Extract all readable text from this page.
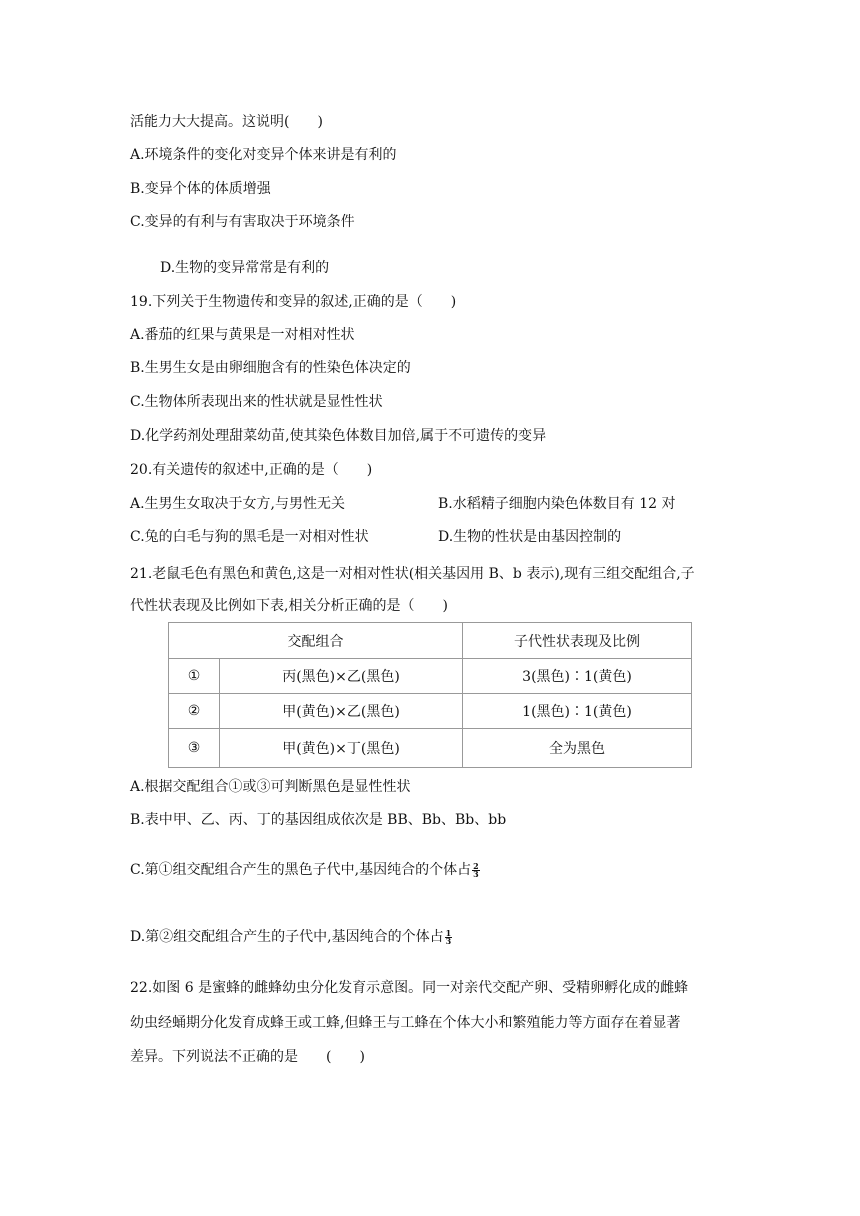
活能力大大提高。这说明(　　)
A.环境条件的变化对变异个体来讲是有利的
B.变异个体的体质增强
C.变异的有利与有害取决于环境条件
D.生物的变异常常是有利的
19.下列关于生物遗传和变异的叙述,正确的是（　　)
A.番茄的红果与黄果是一对相对性状
B.生男生女是由卵细胞含有的性染色体决定的
C.生物体所表现出来的性状就是显性性状
D.化学药剂处理甜菜幼苗,使其染色体数目加倍,属于不可遗传的变异
20.有关遗传的叙述中,正确的是（　　)
A.生男生女取决于女方,与男性无关	B.水稻精子细胞内染色体数目有 12 对
C.兔的白毛与狗的黑毛是一对相对性状	D.生物的性状是由基因控制的
21.老鼠毛色有黑色和黄色,这是一对相对性状(相关基因用 B、b 表示),现有三组交配组合,子
代性状表现及比例如下表,相关分析正确的是（　　)
交配组合		子代性状表现及比例
①	丙(黑色)×乙(黑色)	3(黑色)∶1(黄色)
②	甲(黄色)×乙(黑色)	1(黑色)∶1(黄色)
③	甲(黄色)×丁(黑色)	全为黑色
A.根据交配组合①或③可判断黑色是显性性状
B.表中甲、乙、丙、丁的基因组成依次是 BB、Bb、Bb、bb
C.第①组交配组合产生的黑色子代中,基因纯合的个体占 $\frac{2}{3}$
D.第②组交配组合产生的子代中,基因纯合的个体占 $\frac{1}{3}$
22.如图 6 是蜜蜂的雌蜂幼虫分化发育示意图。同一对亲代交配产卵、受精卵孵化成的雌蜂
幼虫经蛹期分化发育成蜂王或工蜂,但蜂王与工蜂在个体大小和繁殖能力等方面存在着显著
差异。下列说法不正确的是　　(　　)
